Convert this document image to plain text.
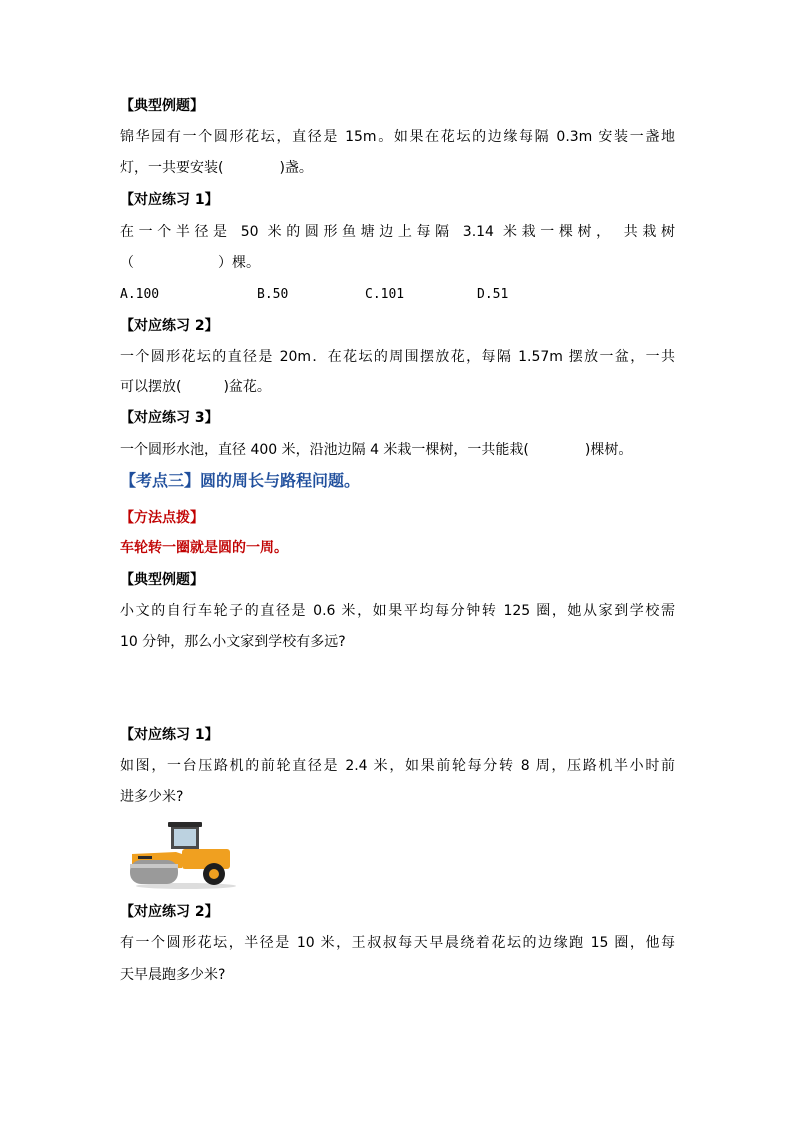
【典型例题】
锦华园有一个圆形花坛，直径是 15m。如果在花坛的边缘每隔 0.3m 安装一盏地
灯，一共要安装(　　　　)盏。
【对应练习 1】
在一个半径是 50 米的圆形鱼塘边上每隔 3.14 米栽一棵树， 共栽树
（　　　　　　）棵。
A.100	B.50	C.101	D.51
【对应练习 2】
一个圆形花坛的直径是 20m．在花坛的周围摆放花，每隔 1.57m 摆放一盆，一共
可以摆放(　　　)盆花。
【对应练习 3】
一个圆形水池，直径 400 米，沿池边隔 4 米栽一棵树，一共能栽(　　　　)棵树。
【考点三】圆的周长与路程问题。
【方法点拨】
车轮转一圈就是圆的一周。
【典型例题】
小文的自行车轮子的直径是 0.6 米，如果平均每分钟转 125 圈，她从家到学校需
10 分钟，那么小文家到学校有多远?
【对应练习 1】
如图，一台压路机的前轮直径是 2.4 米，如果前轮每分转 8 周，压路机半小时前
进多少米?
【对应练习 2】
有一个圆形花坛，半径是 10 米，王叔叔每天早晨绕着花坛的边缘跑 15 圈，他每
天早晨跑多少米?
